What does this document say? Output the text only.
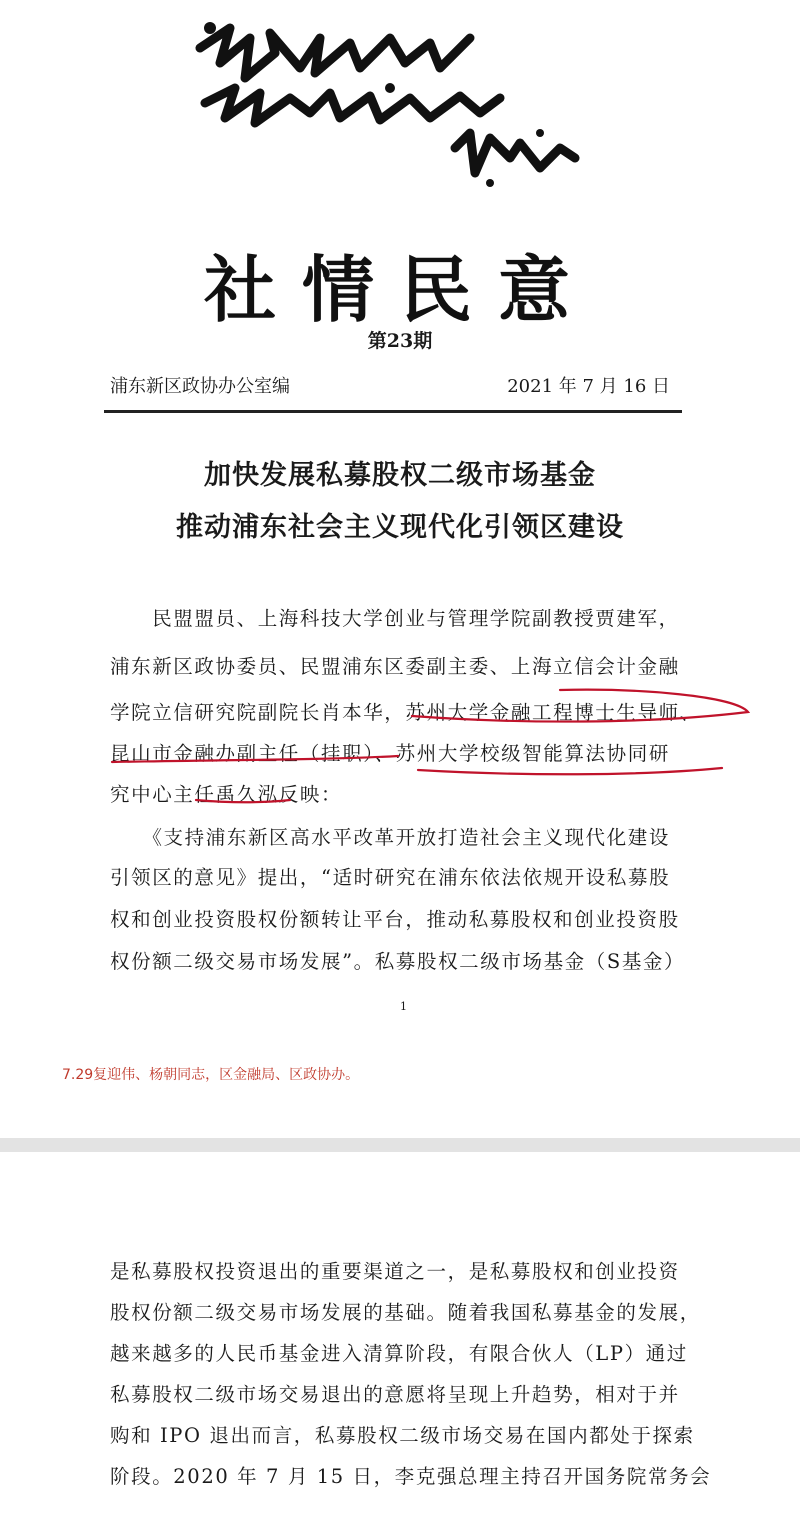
社情民意
第23期
浦东新区政协办公室编	2021 年 7 月 16 日
加快发展私募股权二级市场基金
推动浦东社会主义现代化引领区建设
　　民盟盟员、上海科技大学创业与管理学院副教授贾建军，
浦东新区政协委员、民盟浦东区委副主委、上海立信会计金融
学院立信研究院副院长肖本华，苏州大学金融工程博士生导师、
昆山市金融办副主任（挂职）、苏州大学校级智能算法协同研
究中心主任禹久泓反映：
　　《支持浦东新区高水平改革开放打造社会主义现代化建设
引领区的意见》提出，“适时研究在浦东依法依规开设私募股
权和创业投资股权份额转让平台，推动私募股权和创业投资股
权份额二级交易市场发展”。私募股权二级市场基金（S基金）
1
7.29复迎伟、杨朝同志，区金融局、区政协办。
是私募股权投资退出的重要渠道之一，是私募股权和创业投资
股权份额二级交易市场发展的基础。随着我国私募基金的发展，
越来越多的人民币基金进入清算阶段，有限合伙人（LP）通过
私募股权二级市场交易退出的意愿将呈现上升趋势，相对于并
购和 IPO 退出而言，私募股权二级市场交易在国内都处于探索
阶段。2020 年 7 月 15 日，李克强总理主持召开国务院常务会
